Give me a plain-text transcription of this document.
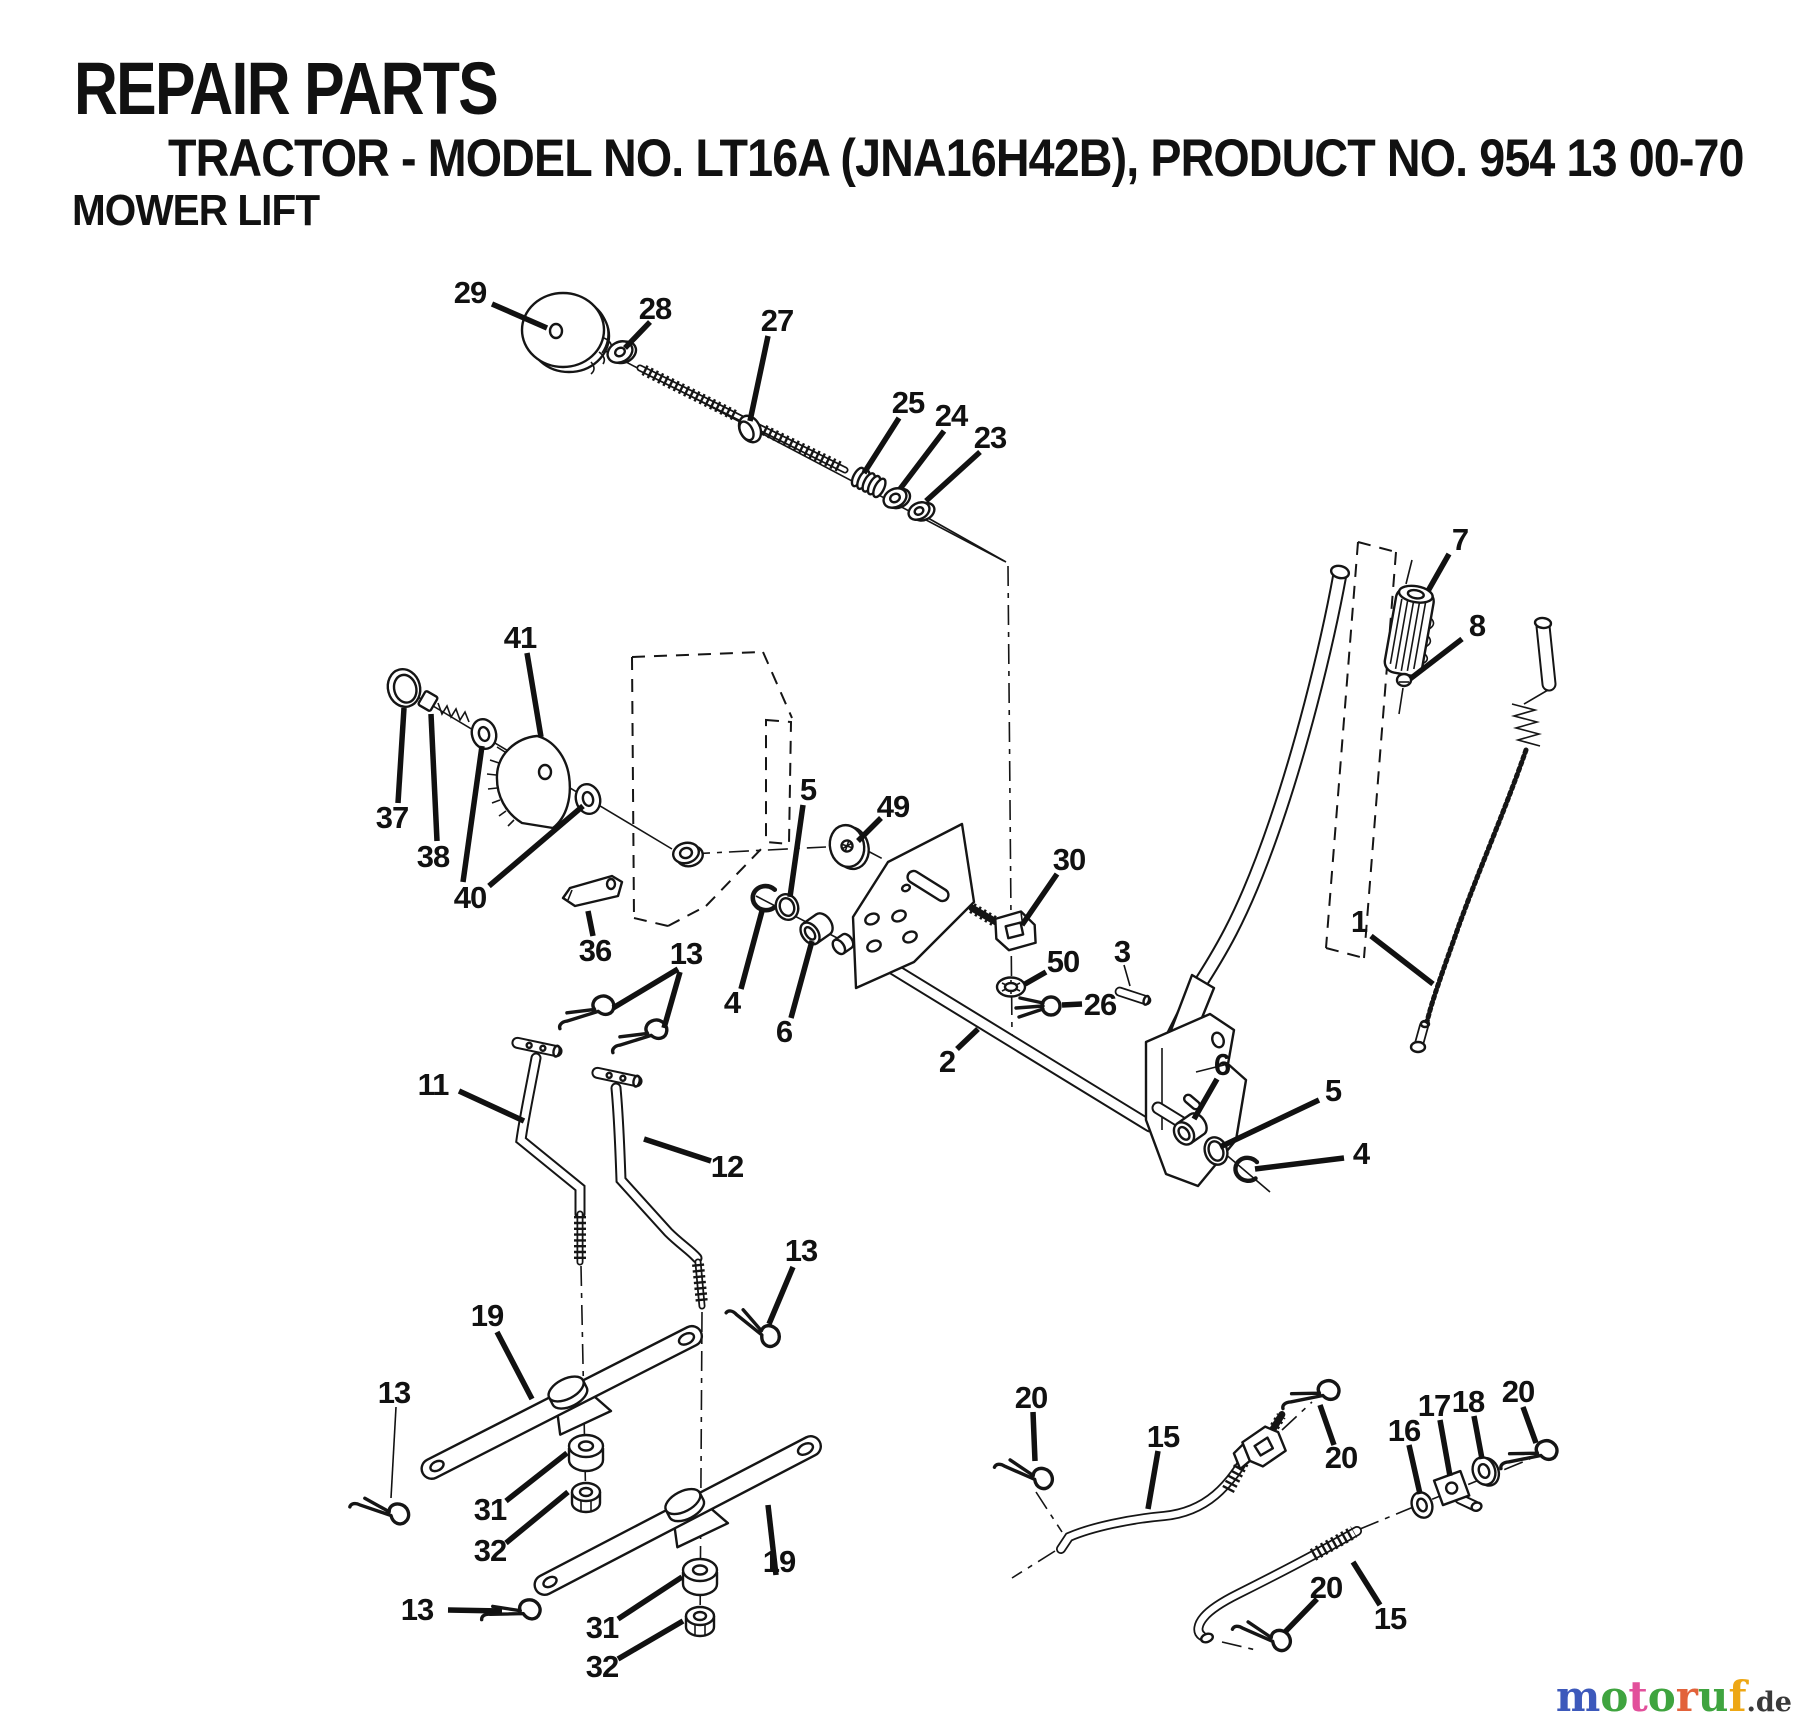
REPAIR PARTS
TRACTOR - MODEL NO. LT16A (JNA16H42B), PRODUCT NO. 954 13 00-70
MOWER LIFT
29	28	27
25 24
23
41
37
38
40
36 13
49
30
5
4
6
50
26
3
2
7
8
1
6
5
4
11
12
13
13
19
31
32
13
31
32
19
20
15
20
16
17 18 20
20
15
motoruf.de
